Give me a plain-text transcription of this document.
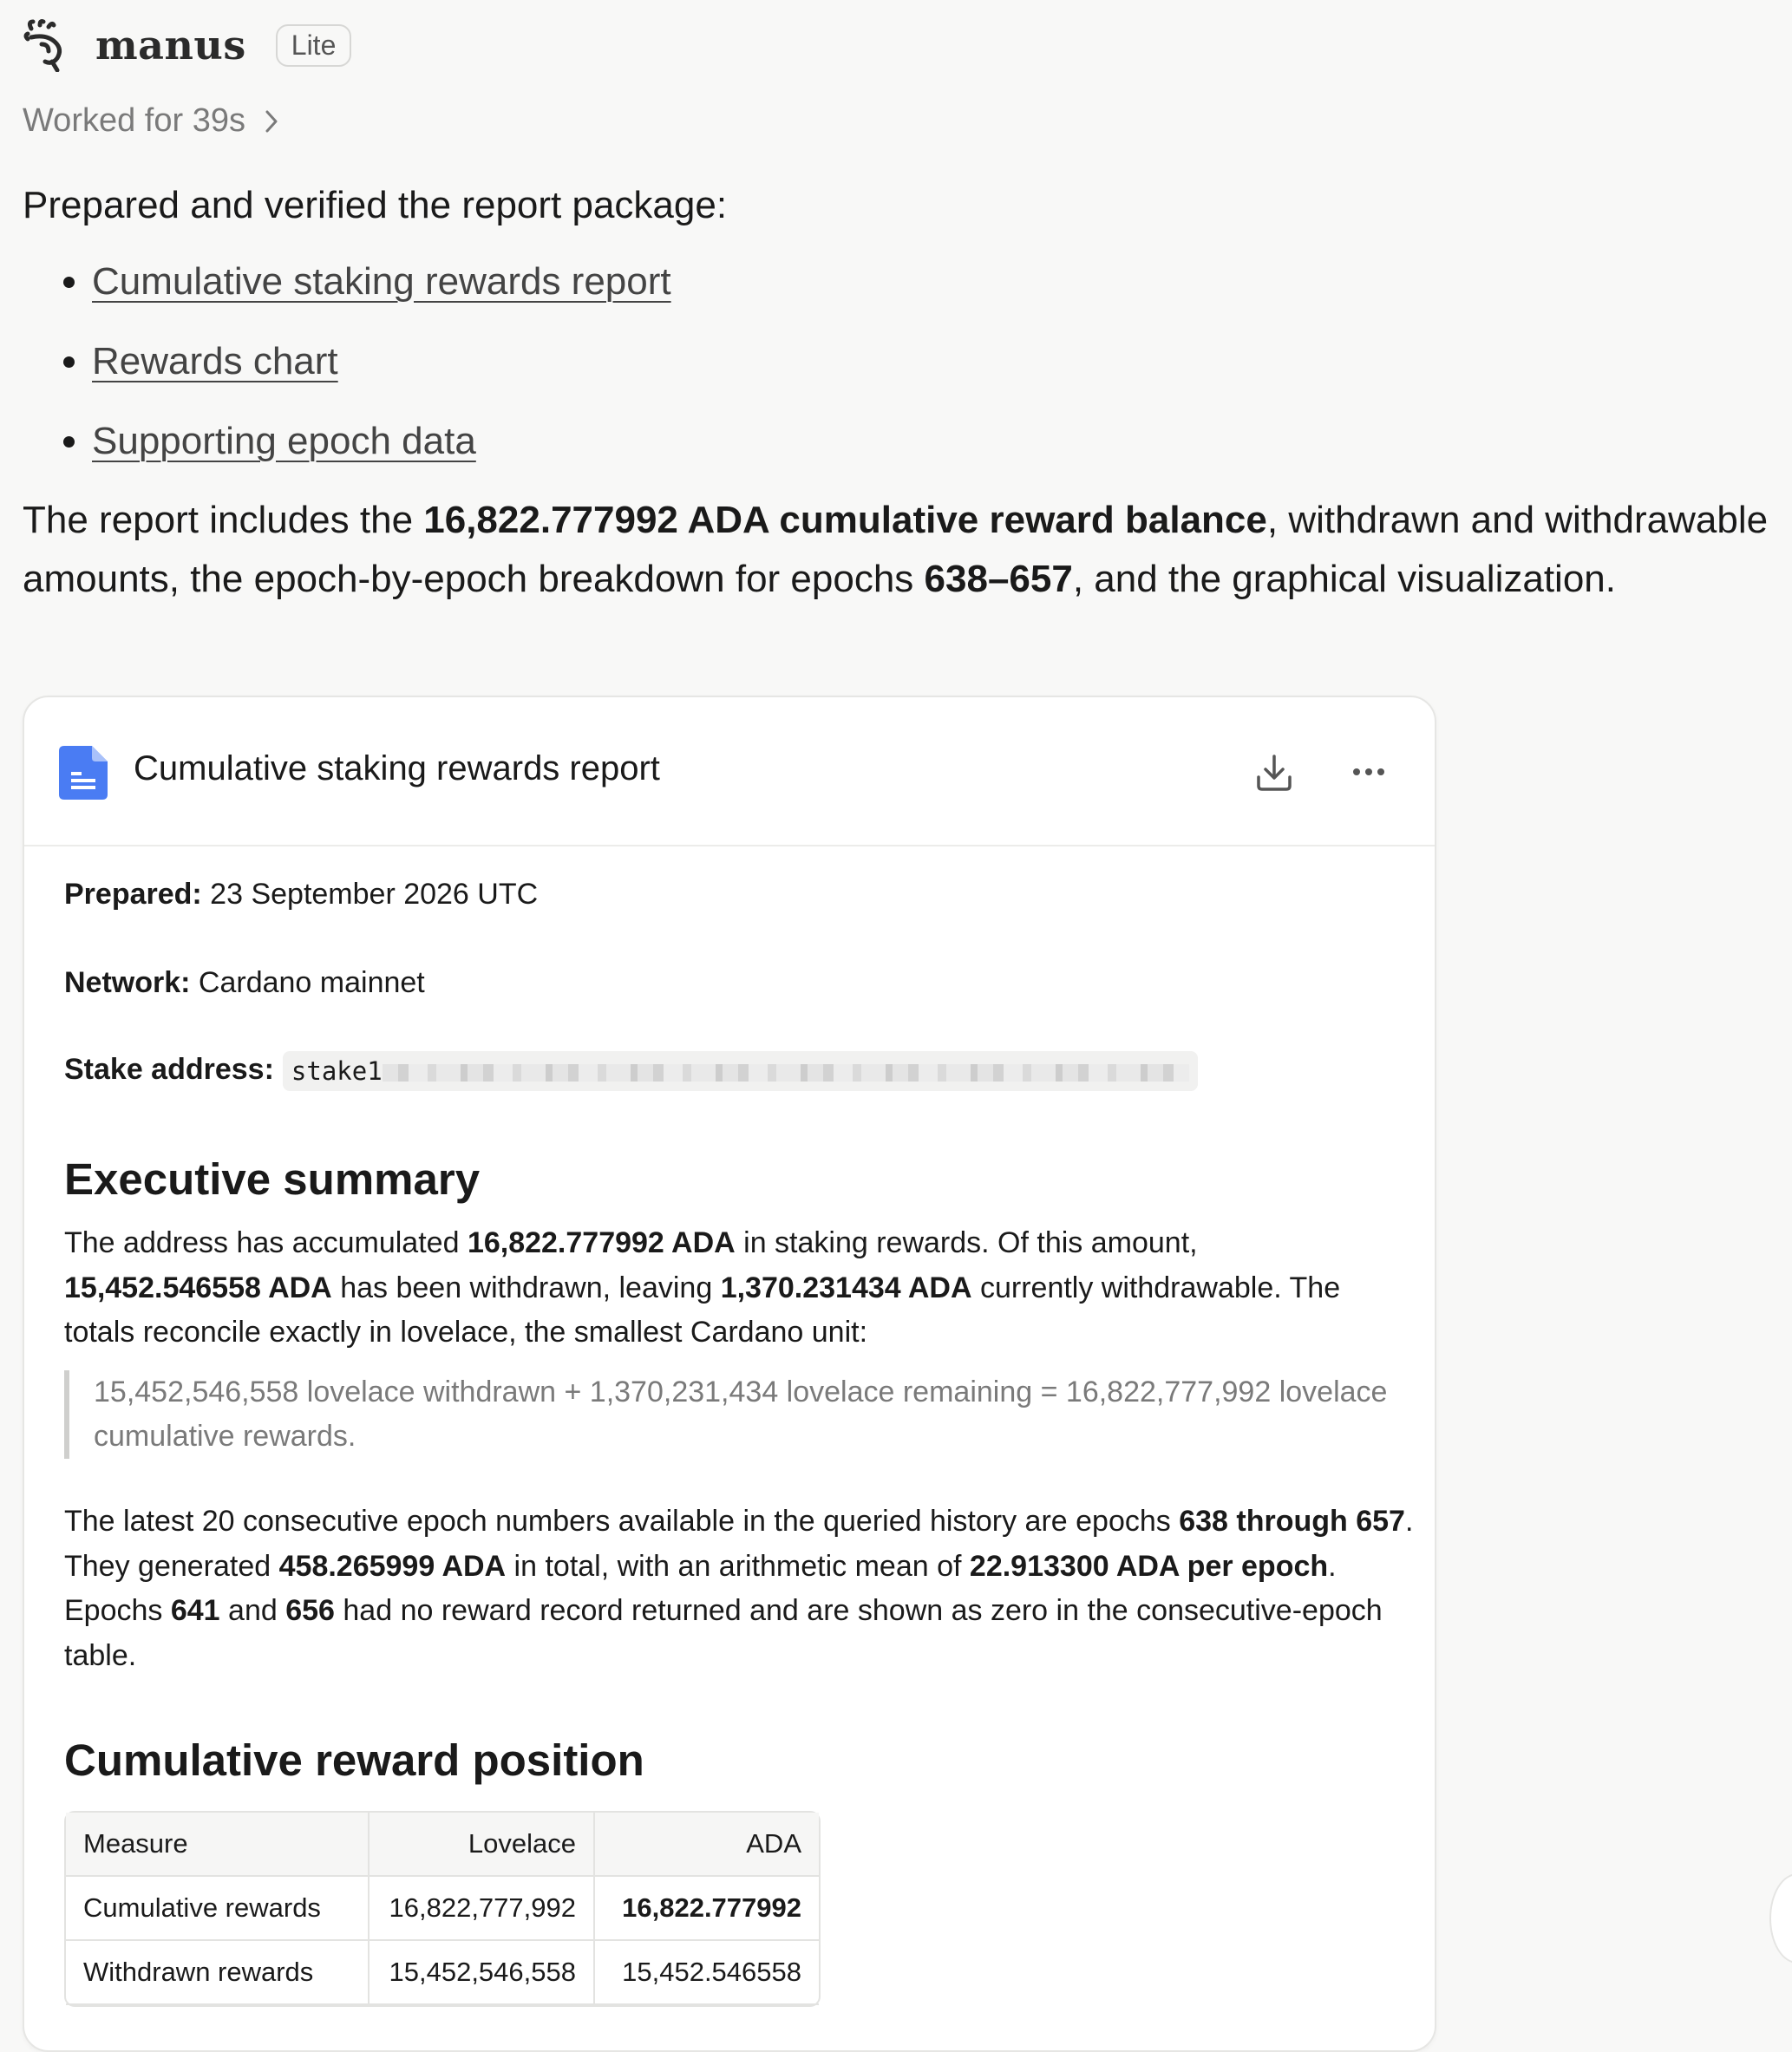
manus	Lite
Worked for 39s
Prepared and verified the report package:
• Cumulative staking rewards report
• Rewards chart
• Supporting epoch data
The report includes the 16,822.777992 ADA cumulative reward balance, withdrawn and withdrawable amounts, the epoch-by-epoch breakdown for epochs 638–657, and the graphical visualization.
Cumulative staking rewards report
Prepared: 23 September 2026 UTC
Network: Cardano mainnet
Stake address: stake1
Executive summary
The address has accumulated 16,822.777992 ADA in staking rewards. Of this amount,
15,452.546558 ADA has been withdrawn, leaving 1,370.231434 ADA currently withdrawable. The totals reconcile exactly in lovelace, the smallest Cardano unit:
15,452,546,558 lovelace withdrawn + 1,370,231,434 lovelace remaining = 16,822,777,992 lovelace cumulative rewards.
The latest 20 consecutive epoch numbers available in the queried history are epochs 638 through 657. They generated 458.265999 ADA in total, with an arithmetic mean of 22.913300 ADA per epoch. Epochs 641 and 656 had no reward record returned and are shown as zero in the consecutive-epoch table.
Cumulative reward position
Measure	Lovelace	ADA
Cumulative rewards	16,822,777,992	16,822.777992
Withdrawn rewards	15,452,546,558	15,452.546558
